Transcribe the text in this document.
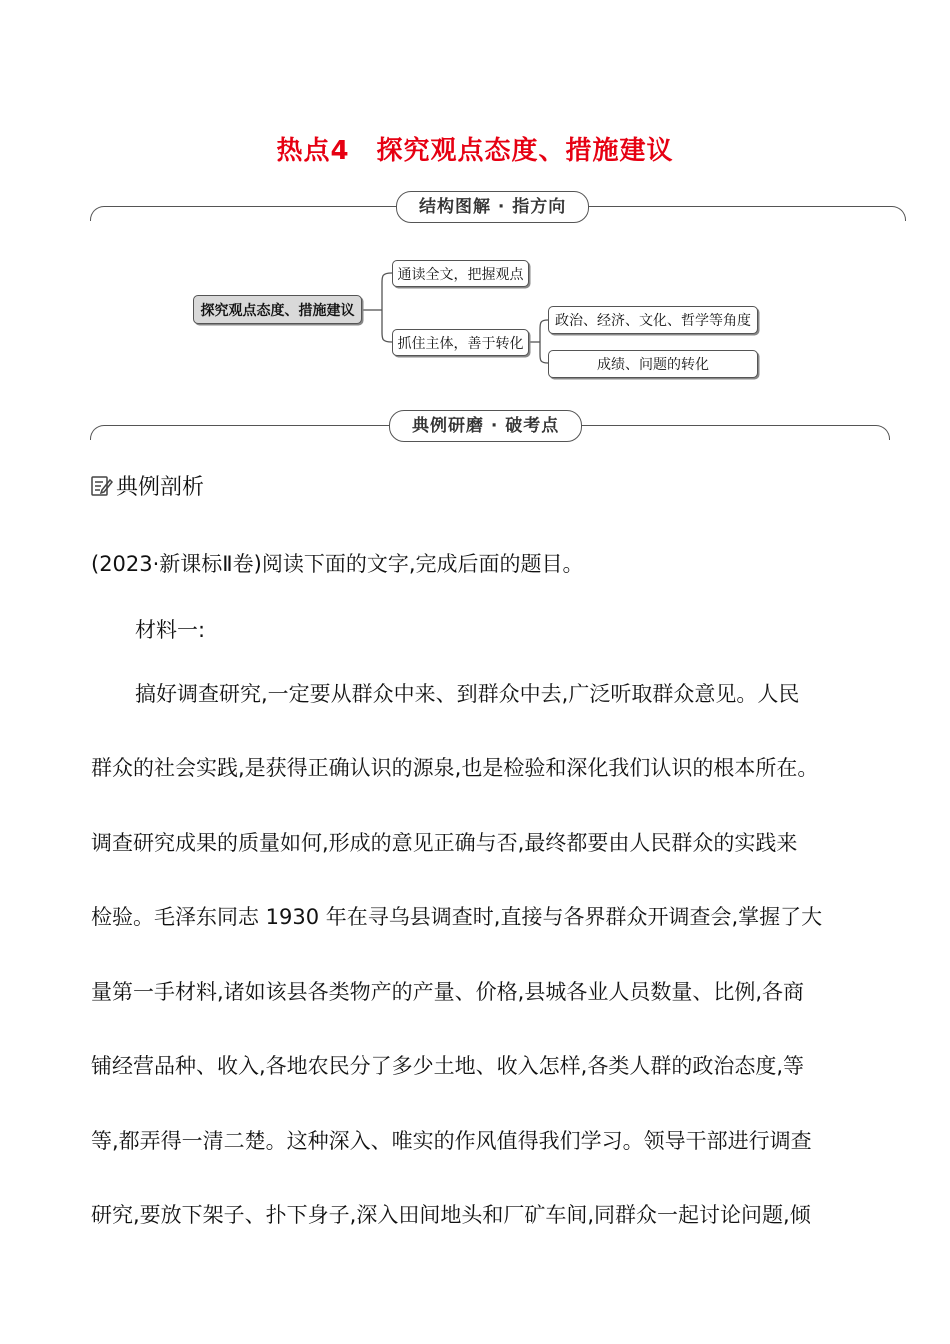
热点4　探究观点态度、措施建议
结构图解 · 指方向
探究观点态度、措施建议
通读全文，把握观点
抓住主体，善于转化
政治、经济、文化、哲学等角度
成绩、问题的转化
典例研磨 · 破考点
典例剖析
(2023·新课标Ⅱ卷)阅读下面的文字,完成后面的题目。
材料一:
搞好调查研究,一定要从群众中来、到群众中去,广泛听取群众意见。人民
群众的社会实践,是获得正确认识的源泉,也是检验和深化我们认识的根本所在。
调查研究成果的质量如何,形成的意见正确与否,最终都要由人民群众的实践来
检验。毛泽东同志 1930 年在寻乌县调查时,直接与各界群众开调查会,掌握了大
量第一手材料,诸如该县各类物产的产量、价格,县城各业人员数量、比例,各商
铺经营品种、收入,各地农民分了多少土地、收入怎样,各类人群的政治态度,等
等,都弄得一清二楚。这种深入、唯实的作风值得我们学习。领导干部进行调查
研究,要放下架子、扑下身子,深入田间地头和厂矿车间,同群众一起讨论问题,倾
